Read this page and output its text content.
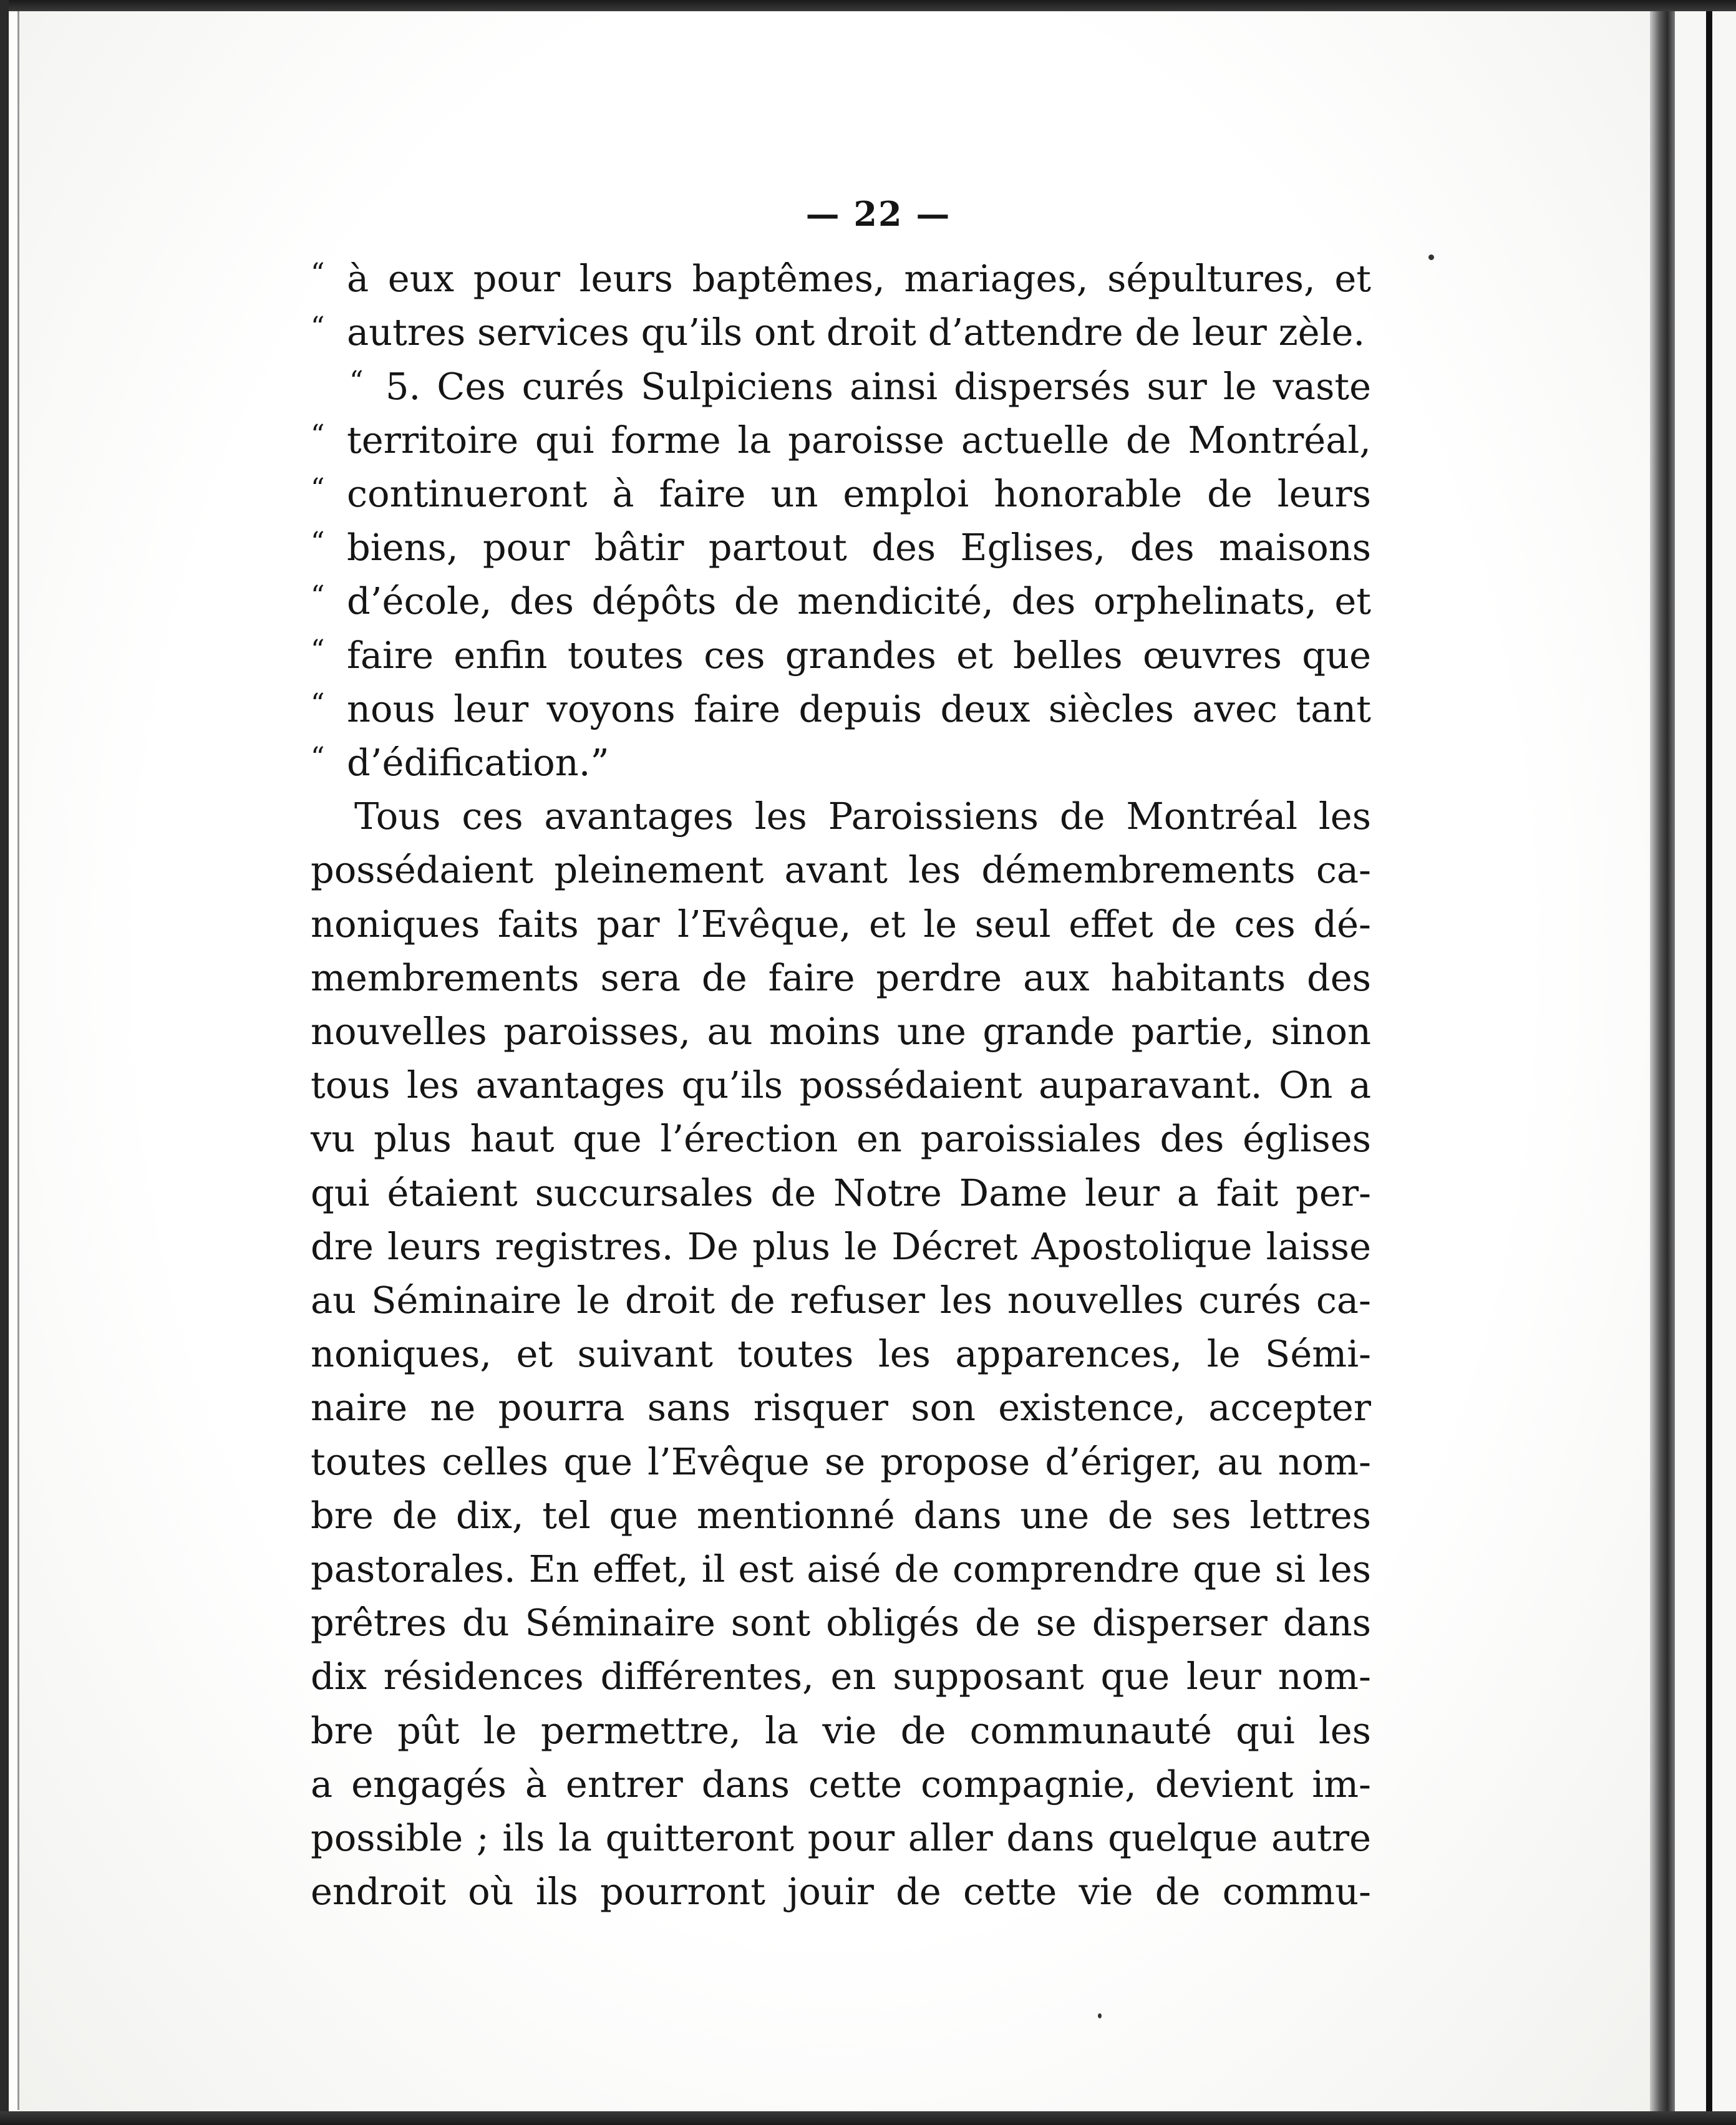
— 22 —
“ à eux pour leurs baptêmes, mariages, sépultures, et
“ autres services qu’ils ont droit d’attendre de leur zèle.
“ 5. Ces curés Sulpiciens ainsi dispersés sur le vaste
“ territoire qui forme la paroisse actuelle de Montréal,
“ continueront à faire un emploi honorable de leurs
“ biens, pour bâtir partout des Eglises, des maisons
“ d’école, des dépôts de mendicité, des orphelinats, et
“ faire enfin toutes ces grandes et belles œuvres que
“ nous leur voyons faire depuis deux siècles avec tant
“ d’édification.”
Tous ces avantages les Paroissiens de Montréal les
possédaient pleinement avant les démembrements ca-
noniques faits par l’Evêque, et le seul effet de ces dé-
membrements sera de faire perdre aux habitants des
nouvelles paroisses, au moins une grande partie, sinon
tous les avantages qu’ils possédaient auparavant. On a
vu plus haut que l’érection en paroissiales des églises
qui étaient succursales de Notre Dame leur a fait per-
dre leurs registres. De plus le Décret Apostolique laisse
au Séminaire le droit de refuser les nouvelles curés ca-
noniques, et suivant toutes les apparences, le Sémi-
naire ne pourra sans risquer son existence, accepter
toutes celles que l’Evêque se propose d’ériger, au nom-
bre de dix, tel que mentionné dans une de ses lettres
pastorales. En effet, il est aisé de comprendre que si les
prêtres du Séminaire sont obligés de se disperser dans
dix résidences différentes, en supposant que leur nom-
bre pût le permettre, la vie de communauté qui les
a engagés à entrer dans cette compagnie, devient im-
possible ; ils la quitteront pour aller dans quelque autre
endroit où ils pourront jouir de cette vie de commu-
